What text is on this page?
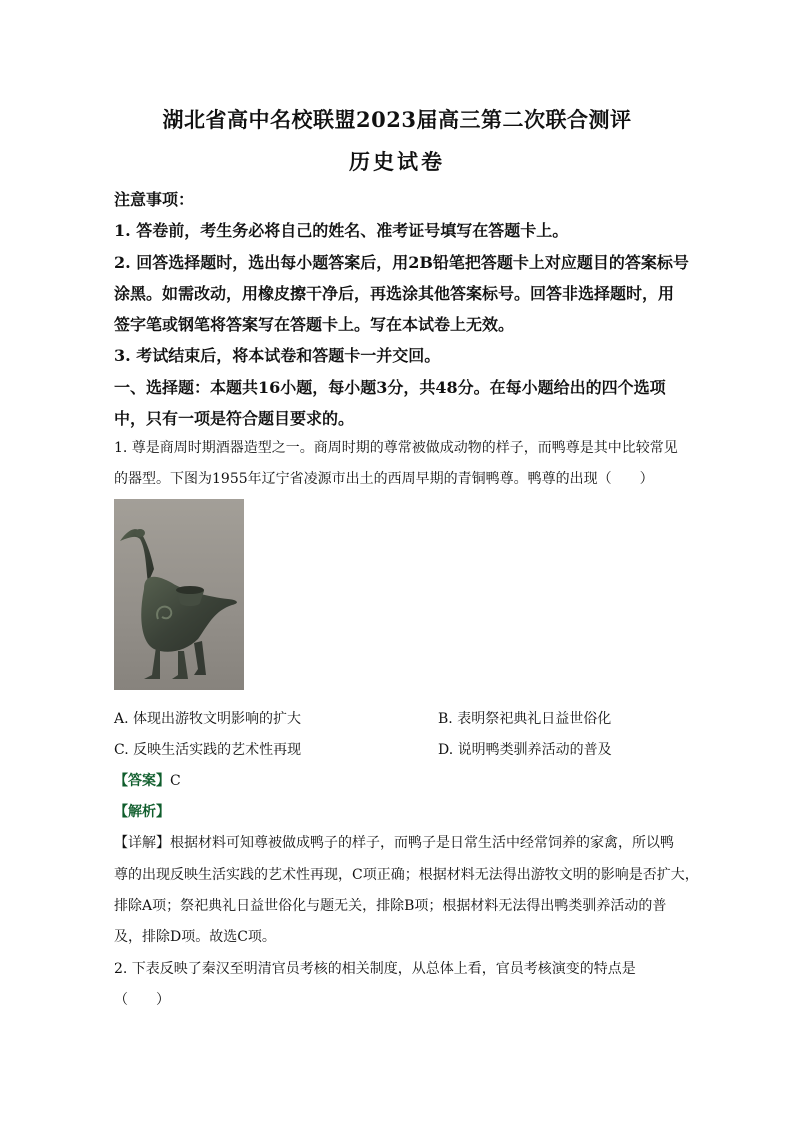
湖北省高中名校联盟2023届高三第二次联合测评
历史试卷
注意事项：
1. 答卷前，考生务必将自己的姓名、准考证号填写在答题卡上。
2. 回答选择题时，选出每小题答案后，用2B铅笔把答题卡上对应题目的答案标号
涂黑。如需改动，用橡皮擦干净后，再选涂其他答案标号。回答非选择题时，用
签字笔或钢笔将答案写在答题卡上。写在本试卷上无效。
3. 考试结束后，将本试卷和答题卡一并交回。
一、选择题：本题共16小题，每小题3分，共48分。在每小题给出的四个选项
中，只有一项是符合题目要求的。
1. 尊是商周时期酒器造型之一。商周时期的尊常被做成动物的样子，而鸭尊是其中比较常见
的器型。下图为1955年辽宁省凌源市出土的西周早期的青铜鸭尊。鸭尊的出现（　　）
A. 体现出游牧文明影响的扩大	B. 表明祭祀典礼日益世俗化
C. 反映生活实践的艺术性再现	D. 说明鸭类驯养活动的普及
【答案】C
【解析】
【详解】根据材料可知尊被做成鸭子的样子，而鸭子是日常生活中经常饲养的家禽，所以鸭
尊的出现反映生活实践的艺术性再现，C项正确；根据材料无法得出游牧文明的影响是否扩大，
排除A项；祭祀典礼日益世俗化与题无关，排除B项；根据材料无法得出鸭类驯养活动的普
及，排除D项。故选C项。
2. 下表反映了秦汉至明清官员考核的相关制度，从总体上看，官员考核演变的特点是
（　　）
